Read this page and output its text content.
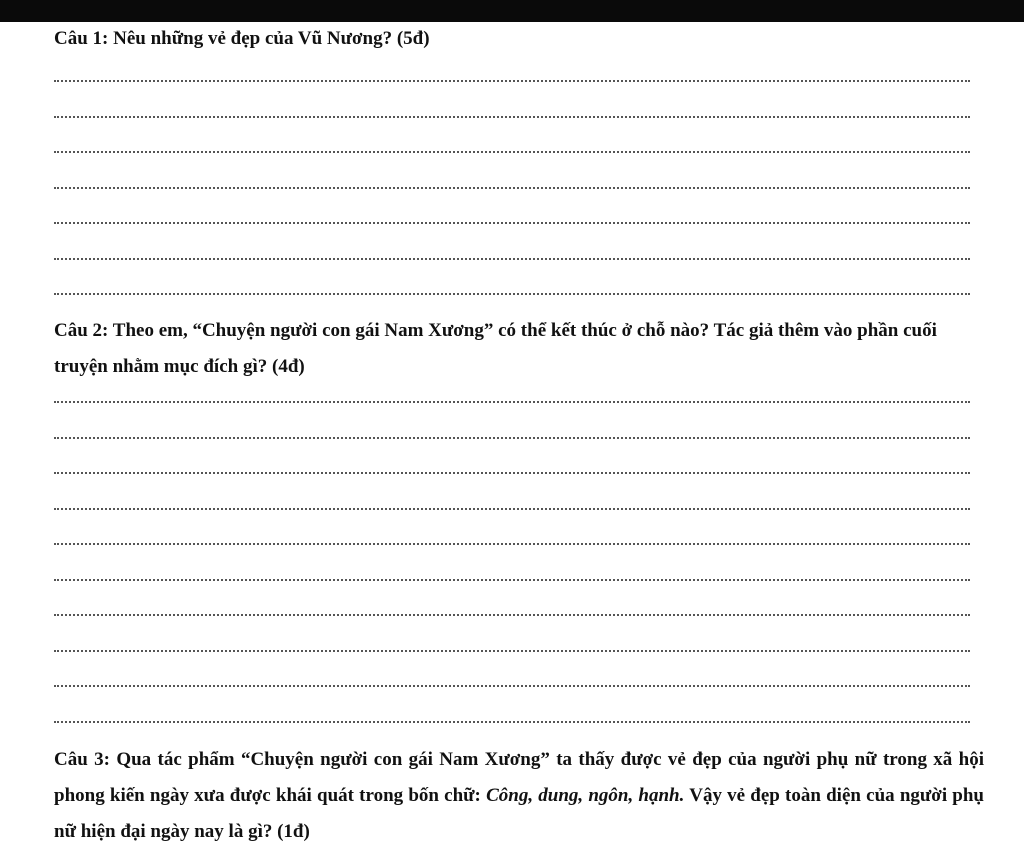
Câu 1: Nêu những vẻ đẹp của Vũ Nương? (5đ)

Câu 2: Theo em, “Chuyện người con gái Nam Xương” có thể kết thúc ở chỗ nào? Tác giả thêm vào phần cuối truyện nhằm mục đích gì? (4đ)

Câu 3: Qua tác phẩm “Chuyện người con gái Nam Xương” ta thấy được vẻ đẹp của người phụ nữ trong xã hội phong kiến ngày xưa được khái quát trong bốn chữ: Công, dung, ngôn, hạnh. Vậy vẻ đẹp toàn diện của người phụ nữ hiện đại ngày nay là gì? (1đ)
